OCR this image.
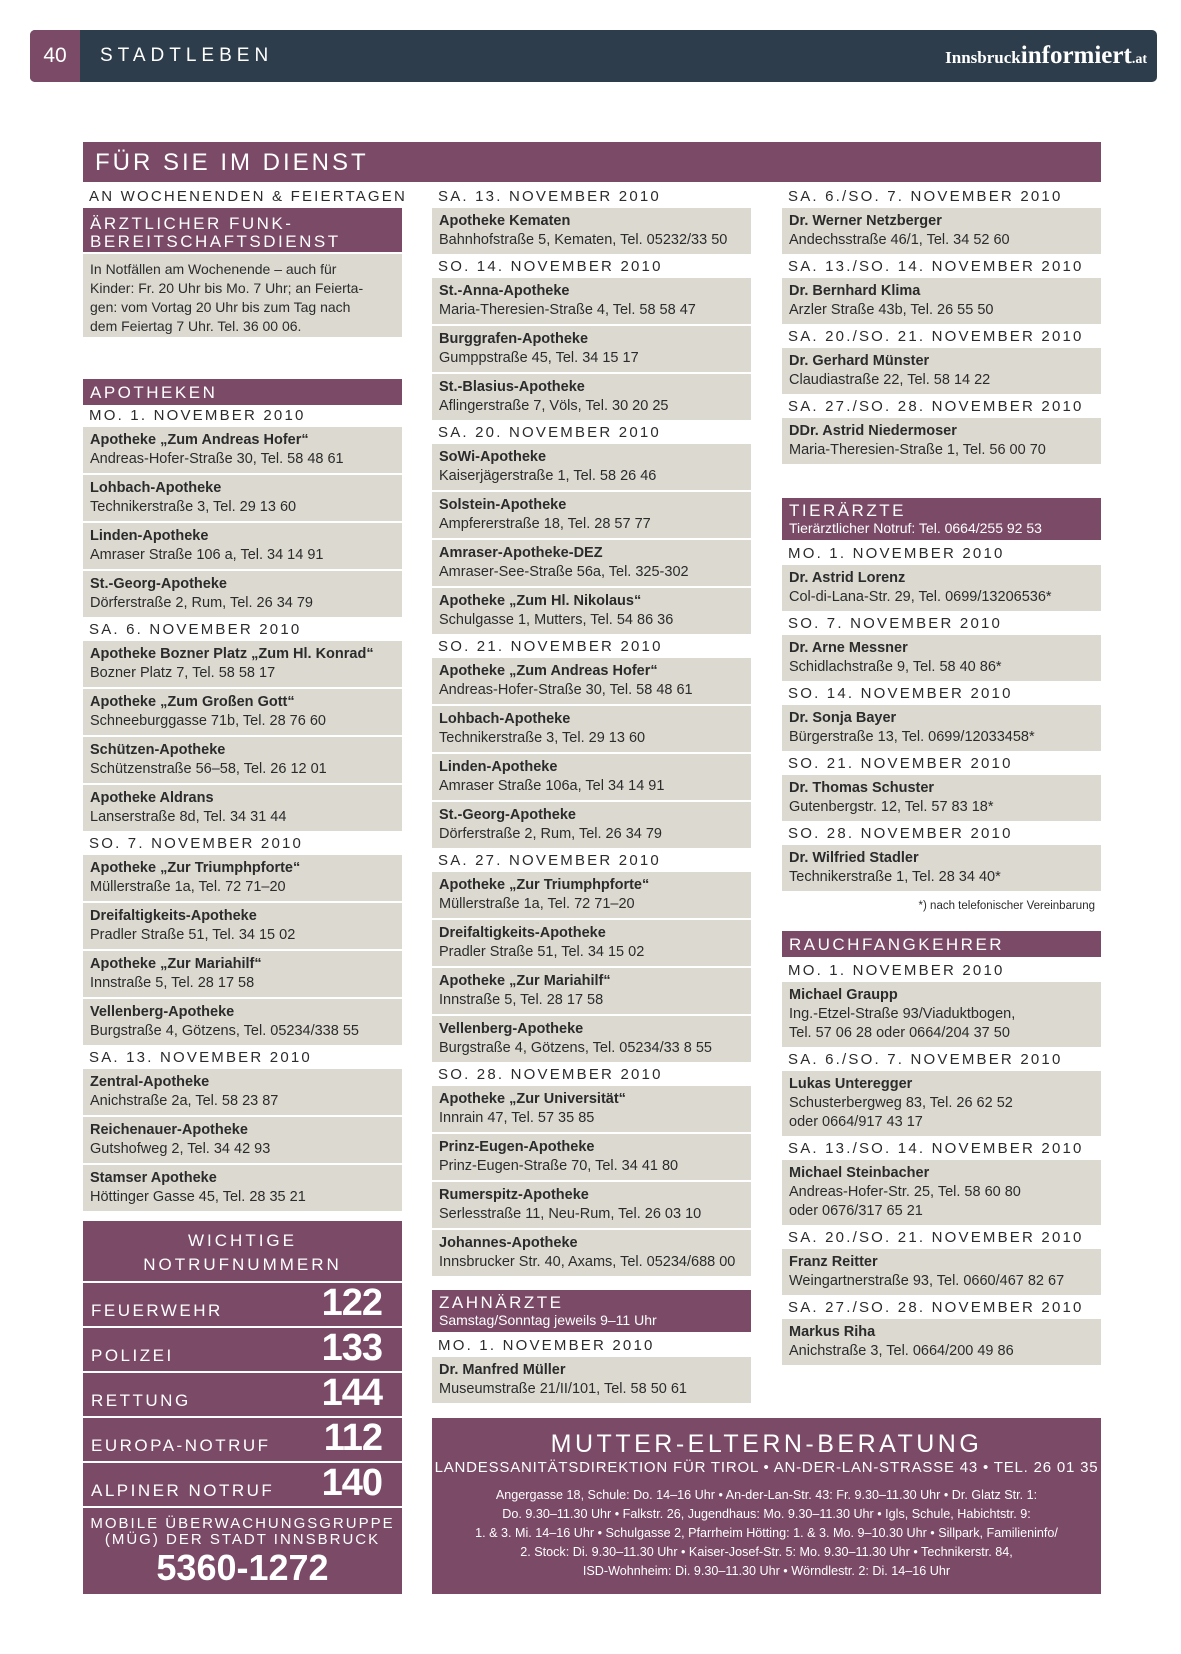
40	STADTLEBEN	Innsbruckinformiert.at
FÜR SIE IM DIENST
AN WOCHENENDEN & FEIERTAGEN
ÄRZTLICHER FUNK-
BEREITSCHAFTSDIENST
In Notfällen am Wochenende – auch für
Kinder: Fr. 20 Uhr bis Mo. 7 Uhr; an Feierta-
gen: vom Vortag 20 Uhr bis zum Tag nach
dem Feiertag 7 Uhr. Tel. 36 00 06.
APOTHEKEN
MO. 1. NOVEMBER 2010
Apotheke „Zum Andreas Hofer“
Andreas-Hofer-Straße 30, Tel. 58 48 61
Lohbach-Apotheke
Technikerstraße 3, Tel. 29 13 60
Linden-Apotheke
Amraser Straße 106 a, Tel. 34 14 91
St.-Georg-Apotheke
Dörferstraße 2, Rum, Tel. 26 34 79
SA. 6. NOVEMBER 2010
Apotheke Bozner Platz „Zum Hl. Konrad“
Bozner Platz 7, Tel. 58 58 17
Apotheke „Zum Großen Gott“
Schneeburggasse 71b, Tel. 28 76 60
Schützen-Apotheke
Schützenstraße 56–58, Tel. 26 12 01
Apotheke Aldrans
Lanserstraße 8d, Tel. 34 31 44
SO. 7. NOVEMBER 2010
Apotheke „Zur Triumphpforte“
Müllerstraße 1a, Tel. 72 71–20
Dreifaltigkeits-Apotheke
Pradler Straße 51, Tel. 34 15 02
Apotheke „Zur Mariahilf“
Innstraße 5, Tel. 28 17 58
Vellenberg-Apotheke
Burgstraße 4, Götzens, Tel. 05234/338 55
SA. 13. NOVEMBER 2010
Zentral-Apotheke
Anichstraße 2a, Tel. 58 23 87
Reichenauer-Apotheke
Gutshofweg 2, Tel. 34 42 93
Stamser Apotheke
Höttinger Gasse 45, Tel. 28 35 21
SA. 13. NOVEMBER 2010
Apotheke Kematen
Bahnhofstraße 5, Kematen, Tel. 05232/33 50
SO. 14. NOVEMBER 2010
St.-Anna-Apotheke
Maria-Theresien-Straße 4, Tel. 58 58 47
Burggrafen-Apotheke
Gumppstraße 45, Tel. 34 15 17
St.-Blasius-Apotheke
Aflingerstraße 7, Völs, Tel. 30 20 25
SA. 20. NOVEMBER 2010
SoWi-Apotheke
Kaiserjägerstraße 1, Tel. 58 26 46
Solstein-Apotheke
Ampfererstraße 18, Tel. 28 57 77
Amraser-Apotheke-DEZ
Amraser-See-Straße 56a, Tel. 325-302
Apotheke „Zum Hl. Nikolaus“
Schulgasse 1, Mutters, Tel. 54 86 36
SO. 21. NOVEMBER 2010
Apotheke „Zum Andreas Hofer“
Andreas-Hofer-Straße 30, Tel. 58 48 61
Lohbach-Apotheke
Technikerstraße 3, Tel. 29 13 60
Linden-Apotheke
Amraser Straße 106a, Tel 34 14 91
St.-Georg-Apotheke
Dörferstraße 2, Rum, Tel. 26 34 79
SA. 27. NOVEMBER 2010
Apotheke „Zur Triumphpforte“
Müllerstraße 1a, Tel. 72 71–20
Dreifaltigkeits-Apotheke
Pradler Straße 51, Tel. 34 15 02
Apotheke „Zur Mariahilf“
Innstraße 5, Tel. 28 17 58
Vellenberg-Apotheke
Burgstraße 4, Götzens, Tel. 05234/33 8 55
SO. 28. NOVEMBER 2010
Apotheke „Zur Universität“
Innrain 47, Tel. 57 35 85
Prinz-Eugen-Apotheke
Prinz-Eugen-Straße 70, Tel. 34 41 80
Rumerspitz-Apotheke
Serlesstraße 11, Neu-Rum, Tel. 26 03 10
Johannes-Apotheke
Innsbrucker Str. 40, Axams, Tel. 05234/688 00
ZAHNÄRZTE
Samstag/Sonntag jeweils 9–11 Uhr
MO. 1. NOVEMBER 2010
Dr. Manfred Müller
Museumstraße 21/II/101, Tel. 58 50 61
SA. 6./SO. 7. NOVEMBER 2010
Dr. Werner Netzberger
Andechsstraße 46/1, Tel. 34 52 60
SA. 13./SO. 14. NOVEMBER 2010
Dr. Bernhard Klima
Arzler Straße 43b, Tel. 26 55 50
SA. 20./SO. 21. NOVEMBER 2010
Dr. Gerhard Münster
Claudiastraße 22, Tel. 58 14 22
SA. 27./SO. 28. NOVEMBER 2010
DDr. Astrid Niedermoser
Maria-Theresien-Straße 1, Tel. 56 00 70
TIERÄRZTE
Tierärztlicher Notruf: Tel. 0664/255 92 53
MO. 1. NOVEMBER 2010
Dr. Astrid Lorenz
Col-di-Lana-Str. 29, Tel. 0699/13206536*
SO. 7. NOVEMBER 2010
Dr. Arne Messner
Schidlachstraße 9, Tel. 58 40 86*
SO. 14. NOVEMBER 2010
Dr. Sonja Bayer
Bürgerstraße 13, Tel. 0699/12033458*
SO. 21. NOVEMBER 2010
Dr. Thomas Schuster
Gutenbergstr. 12, Tel. 57 83 18*
SO. 28. NOVEMBER 2010
Dr. Wilfried Stadler
Technikerstraße 1, Tel. 28 34 40*
*) nach telefonischer Vereinbarung
RAUCHFANGKEHRER
MO. 1. NOVEMBER 2010
Michael Graupp
Ing.-Etzel-Straße 93/Viaduktbogen,
Tel. 57 06 28 oder 0664/204 37 50
SA. 6./SO. 7. NOVEMBER 2010
Lukas Unteregger
Schusterbergweg 83, Tel. 26 62 52
oder 0664/917 43 17
SA. 13./SO. 14. NOVEMBER 2010
Michael Steinbacher
Andreas-Hofer-Str. 25, Tel. 58 60 80
oder 0676/317 65 21
SA. 20./SO. 21. NOVEMBER 2010
Franz Reitter
Weingartnerstraße 93, Tel. 0660/467 82 67
SA. 27./SO. 28. NOVEMBER 2010
Markus Riha
Anichstraße 3, Tel. 0664/200 49 86
WICHTIGE
NOTRUFNUMMERN
FEUERWEHR	122
POLIZEI	133
RETTUNG	144
EUROPA-NOTRUF 112
ALPINER NOTRUF 140
MOBILE ÜBERWACHUNGSGRUPPE
(MÜG) DER STADT INNSBRUCK
5360-1272
MUTTER-ELTERN-BERATUNG
LANDESSANITÄTSDIREKTION FÜR TIROL • AN-DER-LAN-STRASSE 43 • TEL. 26 01 35
Angergasse 18, Schule: Do. 14–16 Uhr • An-der-Lan-Str. 43: Fr. 9.30–11.30 Uhr • Dr. Glatz Str. 1:
Do. 9.30–11.30 Uhr • Falkstr. 26, Jugendhaus: Mo. 9.30–11.30 Uhr • Igls, Schule, Habichtstr. 9:
1. & 3. Mi. 14–16 Uhr • Schulgasse 2, Pfarrheim Hötting: 1. & 3. Mo. 9–10.30 Uhr • Sillpark, Familieninfo/
2. Stock: Di. 9.30–11.30 Uhr • Kaiser-Josef-Str. 5: Mo. 9.30–11.30 Uhr • Technikerstr. 84,
ISD-Wohnheim: Di. 9.30–11.30 Uhr • Wörndlestr. 2: Di. 14–16 Uhr
